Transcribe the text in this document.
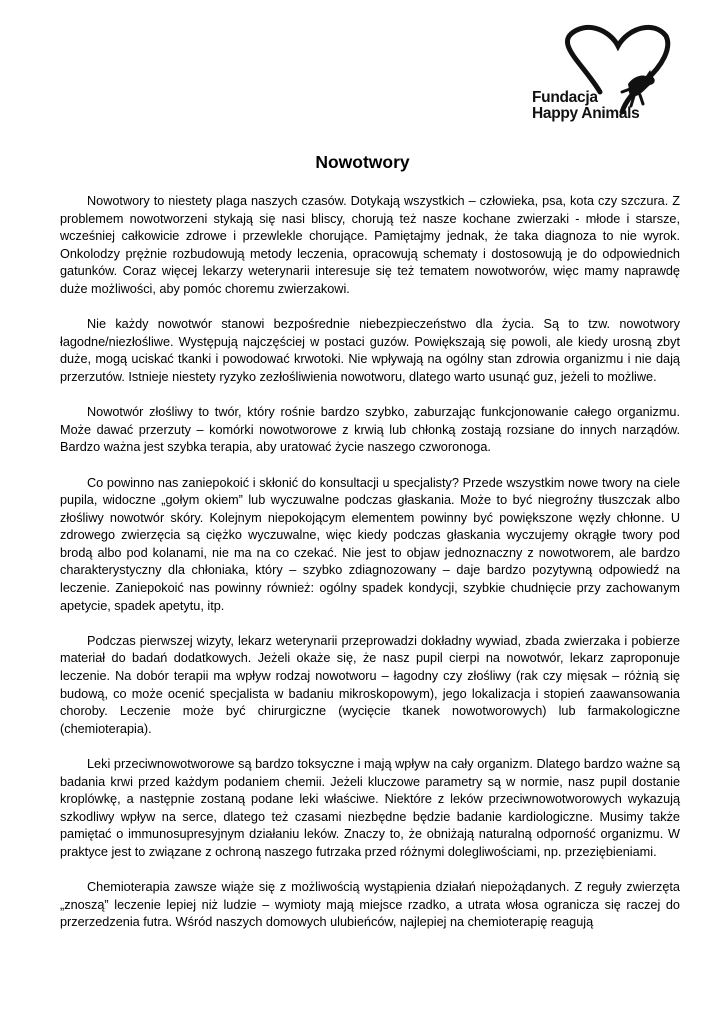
Fundacja
Happy Animals
Nowotwory

Nowotwory to niestety plaga naszych czasów. Dotykają wszystkich – człowieka, psa, kota czy szczura. Z problemem nowotworzeni stykają się nasi bliscy, chorują też nasze kochane zwierzaki - młode i starsze, wcześniej całkowicie zdrowe i przewlekle chorujące. Pamiętajmy jednak, że taka diagnoza to nie wyrok. Onkolodzy prężnie rozbudowują metody leczenia, opracowują schematy i dostosowują je do odpowiednich gatunków. Coraz więcej lekarzy weterynarii interesuje się też tematem nowotworów, więc mamy naprawdę duże możliwości, aby pomóc choremu zwierzakowi.

Nie każdy nowotwór stanowi bezpośrednie niebezpieczeństwo dla życia. Są to tzw. nowotwory łagodne/niezłośliwe. Występują najczęściej w postaci guzów. Powiększają się powoli, ale kiedy urosną zbyt duże, mogą uciskać tkanki i powodować krwotoki. Nie wpływają na ogólny stan zdrowia organizmu i nie dają przerzutów. Istnieje niestety ryzyko zezłośliwienia nowotworu, dlatego warto usunąć guz, jeżeli to możliwe.

Nowotwór złośliwy to twór, który rośnie bardzo szybko, zaburzając funkcjonowanie całego organizmu. Może dawać przerzuty – komórki nowotworowe z krwią lub chłonką zostają rozsiane do innych narządów. Bardzo ważna jest szybka terapia, aby uratować życie naszego czworonoga.

Co powinno nas zaniepokoić i skłonić do konsultacji u specjalisty? Przede wszystkim nowe twory na ciele pupila, widoczne „gołym okiem” lub wyczuwalne podczas głaskania. Może to być niegroźny tłuszczak albo złośliwy nowotwór skóry. Kolejnym niepokojącym elementem powinny być powiększone węzły chłonne. U zdrowego zwierzęcia są ciężko wyczuwalne, więc kiedy podczas głaskania wyczujemy okrągłe twory pod brodą albo pod kolanami, nie ma na co czekać. Nie jest to objaw jednoznaczny z nowotworem, ale bardzo charakterystyczny dla chłoniaka, który – szybko zdiagnozowany – daje bardzo pozytywną odpowiedź na leczenie. Zaniepokoić nas powinny również: ogólny spadek kondycji, szybkie chudnięcie przy zachowanym apetycie, spadek apetytu, itp.

Podczas pierwszej wizyty, lekarz weterynarii przeprowadzi dokładny wywiad, zbada zwierzaka i pobierze materiał do badań dodatkowych. Jeżeli okaże się, że nasz pupil cierpi na nowotwór, lekarz zaproponuje leczenie. Na dobór terapii ma wpływ rodzaj nowotworu – łagodny czy złośliwy (rak czy mięsak – różnią się budową, co może ocenić specjalista w badaniu mikroskopowym), jego lokalizacja i stopień zaawansowania choroby. Leczenie może być chirurgiczne (wycięcie tkanek nowotworowych) lub farmakologiczne (chemioterapia).

Leki przeciwnowotworowe są bardzo toksyczne i mają wpływ na cały organizm. Dlatego bardzo ważne są badania krwi przed każdym podaniem chemii. Jeżeli kluczowe parametry są w normie, nasz pupil dostanie kroplówkę, a następnie zostaną podane leki właściwe. Niektóre z leków przeciwnowotworowych wykazują szkodliwy wpływ na serce, dlatego też czasami niezbędne będzie badanie kardiologiczne. Musimy także pamiętać o immunosupresyjnym działaniu leków. Znaczy to, że obniżają naturalną odporność organizmu. W praktyce jest to związane z ochroną naszego futrzaka przed różnymi dolegliwościami, np. przeziębieniami.

Chemioterapia zawsze wiąże się z możliwością wystąpienia działań niepożądanych. Z reguły zwierzęta „znoszą” leczenie lepiej niż ludzie – wymioty mają miejsce rzadko, a utrata włosa ogranicza się raczej do przerzedzenia futra. Wśród naszych domowych ulubieńców, najlepiej na chemioterapię reagują
